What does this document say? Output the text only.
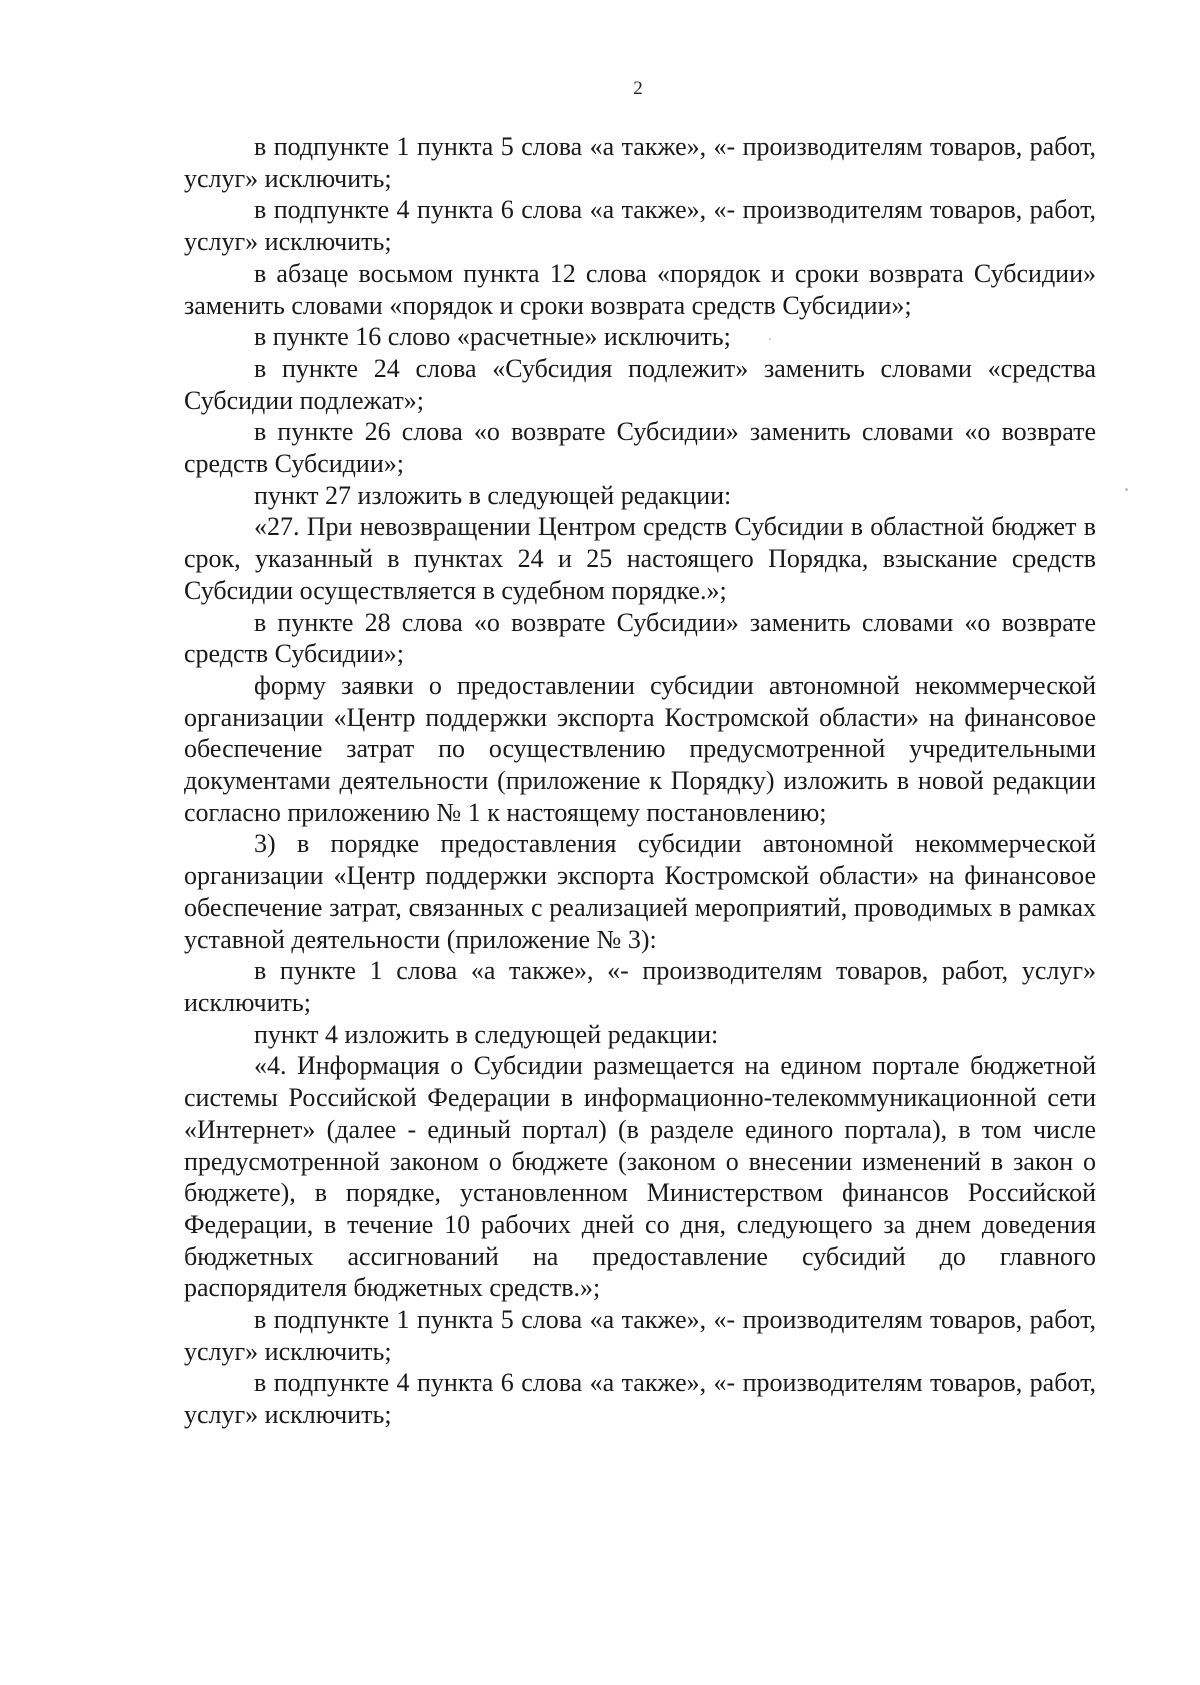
2

в подпункте 1 пункта 5 слова «а также», «- производителям товаров, работ, услуг» исключить;

в подпункте 4 пункта 6 слова «а также», «- производителям товаров, работ, услуг» исключить;

в абзаце восьмом пункта 12 слова «порядок и сроки возврата Субсидии» заменить словами «порядок и сроки возврата средств Субсидии»;

в пункте 16 слово «расчетные» исключить;

в пункте 24 слова «Субсидия подлежит» заменить словами «средства Субсидии подлежат»;

в пункте 26 слова «о возврате Субсидии» заменить словами «о возврате средств Субсидии»;

пункт 27 изложить в следующей редакции:

«27. При невозвращении Центром средств Субсидии в областной бюджет в срок, указанный в пунктах 24 и 25 настоящего Порядка, взыскание средств Субсидии осуществляется в судебном порядке.»;

в пункте 28 слова «о возврате Субсидии» заменить словами «о возврате средств Субсидии»;

форму заявки о предоставлении субсидии автономной некоммерческой организации «Центр поддержки экспорта Костромской области» на финансовое обеспечение затрат по осуществлению предусмотренной учредительными документами деятельности (приложение к Порядку) изложить в новой редакции согласно приложению № 1 к настоящему постановлению;

3) в порядке предоставления субсидии автономной некоммерческой организации «Центр поддержки экспорта Костромской области» на финансовое обеспечение затрат, связанных с реализацией мероприятий, проводимых в рамках уставной деятельности (приложение № 3):

в пункте 1 слова «а также», «- производителям товаров, работ, услуг» исключить;

пункт 4 изложить в следующей редакции:

«4. Информация о Субсидии размещается на едином портале бюджетной системы Российской Федерации в информационно-телекоммуникационной сети «Интернет» (далее - единый портал) (в разделе единого портала), в том числе предусмотренной законом о бюджете (законом о внесении изменений в закон о бюджете), в порядке, установленном Министерством финансов Российской Федерации, в течение 10 рабочих дней со дня, следующего за днем доведения бюджетных ассигнований на предоставление субсидий до главного распорядителя бюджетных средств.»;

в подпункте 1 пункта 5 слова «а также», «- производителям товаров, работ, услуг» исключить;

в подпункте 4 пункта 6 слова «а также», «- производителям товаров, работ, услуг» исключить;
